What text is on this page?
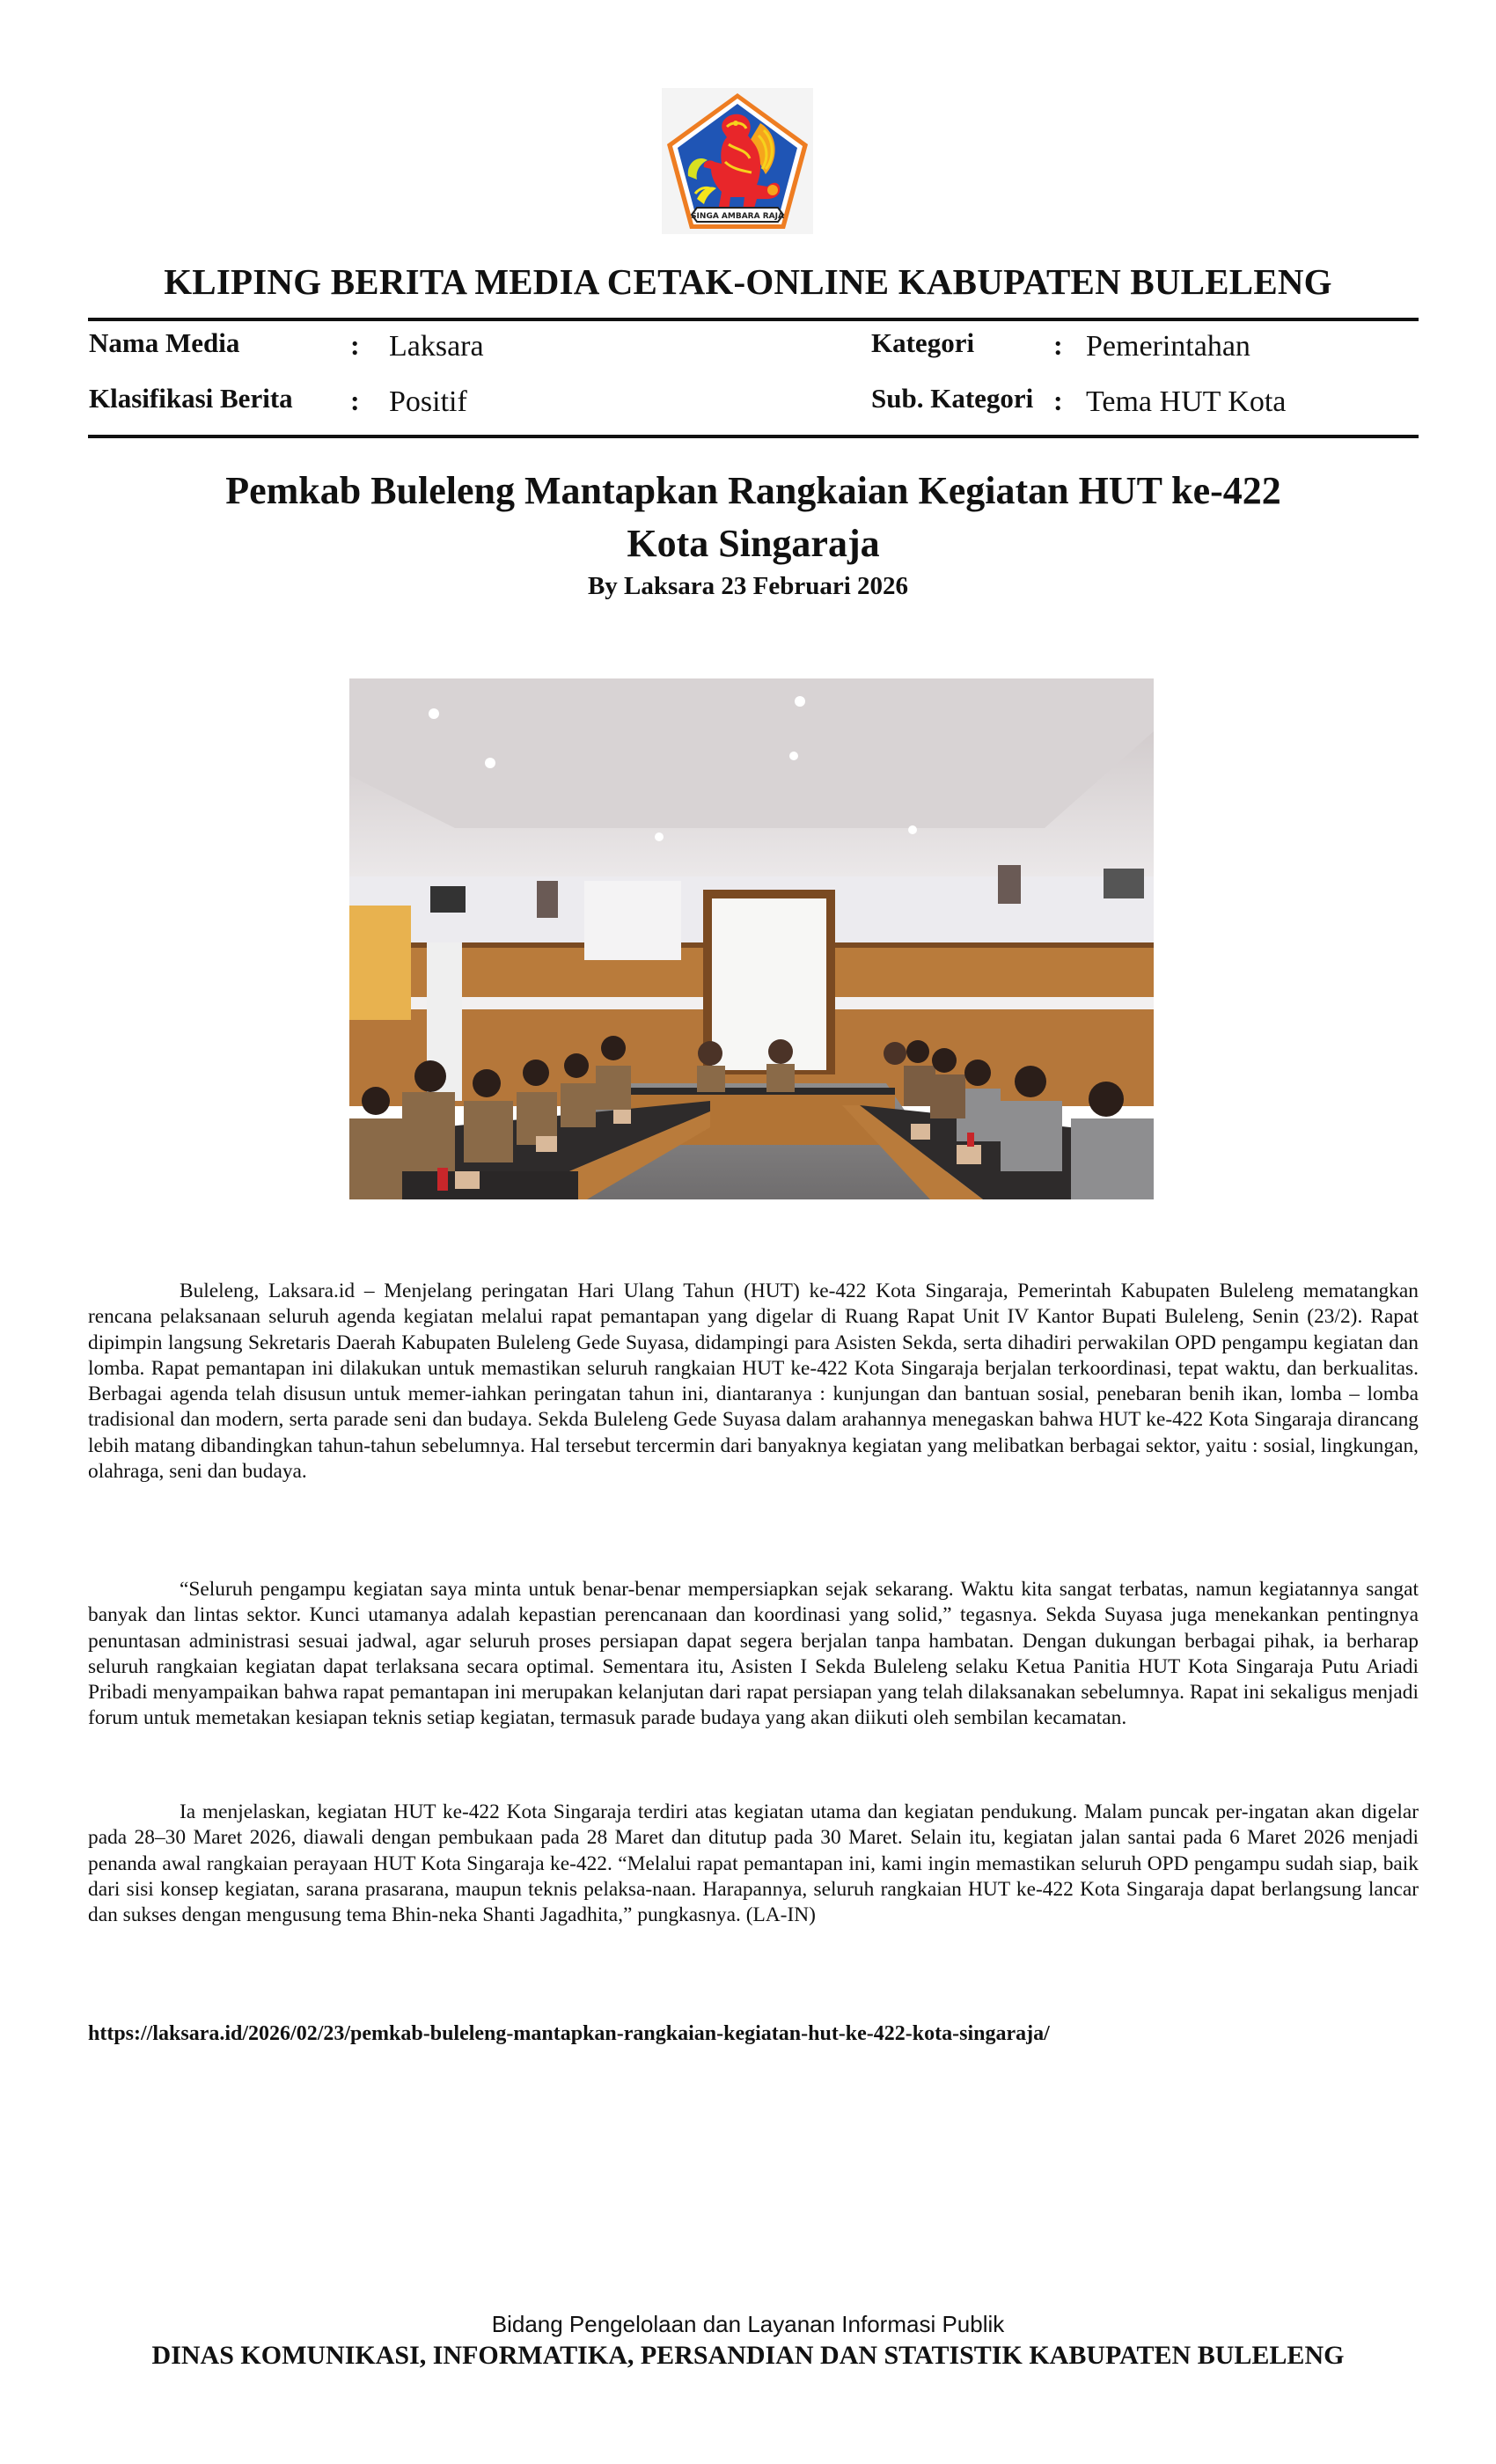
SINGA AMBARA RAJA
KLIPING BERITA MEDIA CETAK-ONLINE KABUPATEN BULELENG
Nama Media	: Laksara
Klasifikasi Berita : Positif
Kategori	: Pemerintahan
Sub. Kategori : Tema HUT Kota
Pemkab Buleleng Mantapkan Rangkaian Kegiatan HUT ke-422
Kota Singaraja
By Laksara 23 Februari 2026

Buleleng, Laksara.id – Menjelang peringatan Hari Ulang Tahun (HUT) ke-422 Kota Singaraja, Pemerintah Kabupaten Buleleng mematangkan rencana pelaksanaan seluruh agenda kegiatan melalui rapat pemantapan yang digelar di Ruang Rapat Unit IV Kantor Bupati Buleleng, Senin (23/2). Rapat dipimpin langsung Sekretaris Daerah Kabupaten Buleleng Gede Suyasa, didampingi para Asisten Sekda, serta dihadiri perwakilan OPD pengampu kegiatan dan lomba. Rapat pemantapan ini dilakukan untuk memastikan seluruh rangkaian HUT ke-422 Kota Singaraja berjalan terkoordinasi, tepat waktu, dan berkualitas. Berbagai agenda telah disusun untuk memer-iahkan peringatan tahun ini, diantaranya : kunjungan dan bantuan sosial, penebaran benih ikan, lomba – lomba tradisional dan modern, serta parade seni dan budaya. Sekda Buleleng Gede Suyasa dalam arahannya menegaskan bahwa HUT ke-422 Kota Singaraja dirancang lebih matang dibandingkan tahun-tahun sebelumnya. Hal tersebut tercermin dari banyaknya kegiatan yang melibatkan berbagai sektor, yaitu : sosial, lingkungan, olahraga, seni dan budaya.

“Seluruh pengampu kegiatan saya minta untuk benar-benar mempersiapkan sejak sekarang. Waktu kita sangat terbatas, namun kegiatannya sangat banyak dan lintas sektor. Kunci utamanya adalah kepastian perencanaan dan koordinasi yang solid,” tegasnya. Sekda Suyasa juga menekankan pentingnya penuntasan administrasi sesuai jadwal, agar seluruh proses persiapan dapat segera berjalan tanpa hambatan. Dengan dukungan berbagai pihak, ia berharap seluruh rangkaian kegiatan dapat terlaksana secara optimal. Sementara itu, Asisten I Sekda Buleleng selaku Ketua Panitia HUT Kota Singaraja Putu Ariadi Pribadi menyampaikan bahwa rapat pemantapan ini merupakan kelanjutan dari rapat persiapan yang telah dilaksanakan sebelumnya. Rapat ini sekaligus menjadi forum untuk memetakan kesiapan teknis setiap kegiatan, termasuk parade budaya yang akan diikuti oleh sembilan kecamatan.

Ia menjelaskan, kegiatan HUT ke-422 Kota Singaraja terdiri atas kegiatan utama dan kegiatan pendukung. Malam puncak per-ingatan akan digelar pada 28–30 Maret 2026, diawali dengan pembukaan pada 28 Maret dan ditutup pada 30 Maret. Selain itu, kegiatan jalan santai pada 6 Maret 2026 menjadi penanda awal rangkaian perayaan HUT Kota Singaraja ke-422. “Melalui rapat pemantapan ini, kami ingin memastikan seluruh OPD pengampu sudah siap, baik dari sisi konsep kegiatan, sarana prasarana, maupun teknis pelaksa-naan. Harapannya, seluruh rangkaian HUT ke-422 Kota Singaraja dapat berlangsung lancar dan sukses dengan mengusung tema Bhin-neka Shanti Jagadhita,” pungkasnya. (LA-IN)

https://laksara.id/2026/02/23/pemkab-buleleng-mantapkan-rangkaian-kegiatan-hut-ke-422-kota-singaraja/
Bidang Pengelolaan dan Layanan Informasi Publik
DINAS KOMUNIKASI, INFORMATIKA, PERSANDIAN DAN STATISTIK KABUPATEN BULELENG
